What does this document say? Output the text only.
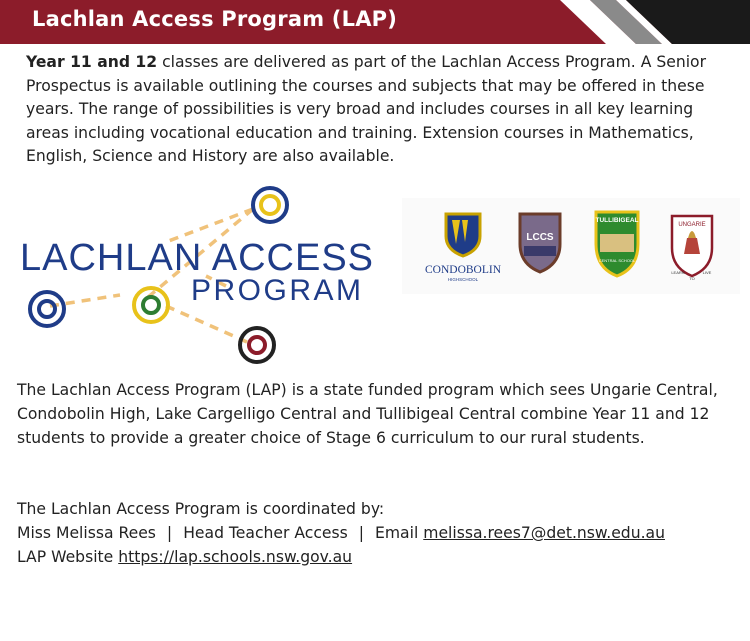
Lachlan Access Program (LAP)
Year 11 and 12 classes are delivered as part of the Lachlan Access Program. A Senior Prospectus is available outlining the courses and subjects that may be offered in these years. The range of possibilities is very broad and includes courses in all key learning areas including vocational education and training. Extension courses in Mathematics, English, Science and History are also available.
LACHLAN ACCESS
PROGRAM
CONDOBOLIN
HIGHSCHOOL
LCCS
TULLIBIGEAL
CENTRAL SCHOOL
UNGARIE
LEARN
TO
LIVE
The Lachlan Access Program (LAP) is a state funded program which sees Ungarie Central, Condobolin High, Lake Cargelligo Central and Tullibigeal Central combine Year 11 and 12 students to provide a greater choice of Stage 6 curriculum to our rural students.
The Lachlan Access Program is coordinated by:
Miss Melissa Rees | Head Teacher Access | Email melissa.rees7@det.nsw.edu.au
LAP Website https://lap.schools.nsw.gov.au
